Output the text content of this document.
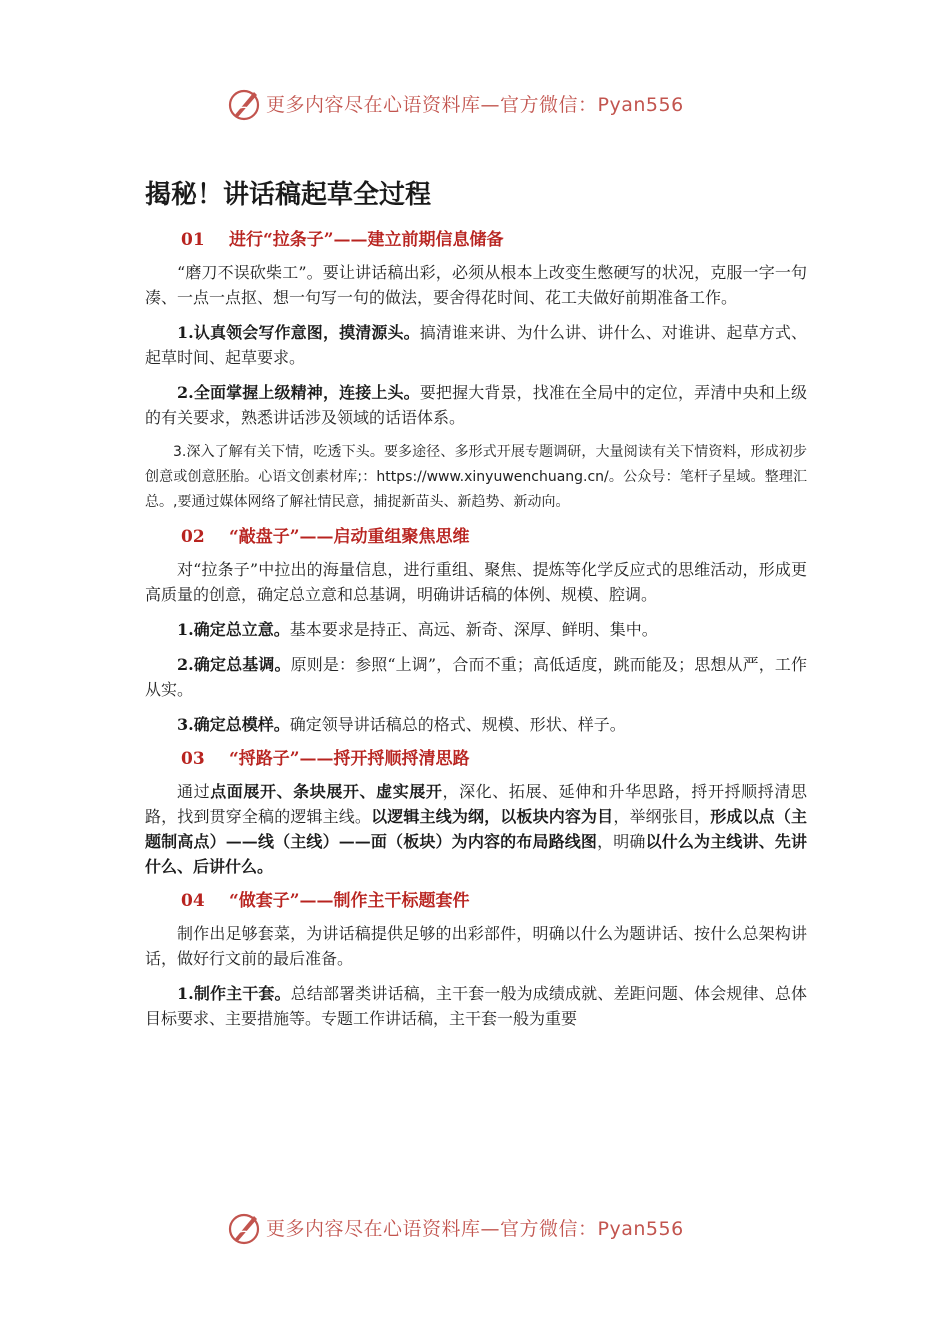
更多内容尽在心语资料库—官方微信：Pyan556
揭秘！讲话稿起草全过程
01 进行“拉条子”——建立前期信息储备

“磨刀不误砍柴工”。要让讲话稿出彩，必须从根本上改变生憋硬写的状况，克服一字一句凑、一点一点抠、想一句写一句的做法，要舍得花时间、花工夫做好前期准备工作。

1.认真领会写作意图，摸清源头。搞清谁来讲、为什么讲、讲什么、对谁讲、起草方式、起草时间、起草要求。

2.全面掌握上级精神，连接上头。要把握大背景，找准在全局中的定位，弄清中央和上级的有关要求，熟悉讲话涉及领域的话语体系。

3.深入了解有关下情，吃透下头。要多途径、多形式开展专题调研，大量阅读有关下情资料，形成初步创意或创意胚胎。心语文创素材库;：https://www.xinyuwenchuang.cn/。公众号：笔杆子星域。整理汇总。,要通过媒体网络了解社情民意，捕捉新苗头、新趋势、新动向。

02 “敲盘子”——启动重组聚焦思维

对“拉条子”中拉出的海量信息，进行重组、聚焦、提炼等化学反应式的思维活动，形成更高质量的创意，确定总立意和总基调，明确讲话稿的体例、规模、腔调。

1.确定总立意。基本要求是持正、高远、新奇、深厚、鲜明、集中。

2.确定总基调。原则是：参照“上调”，合而不重；高低适度，跳而能及；思想从严，工作从实。

3.确定总模样。确定领导讲话稿总的格式、规模、形状、样子。

03 “捋路子”——捋开捋顺捋清思路

通过点面展开、条块展开、虚实展开，深化、拓展、延伸和升华思路，捋开捋顺捋清思路，找到贯穿全稿的逻辑主线。以逻辑主线为纲，以板块内容为目，举纲张目，形成以点（主题制高点）——线（主线）——面（板块）为内容的布局路线图，明确以什么为主线讲、先讲什么、后讲什么。

04 “做套子”——制作主干标题套件

制作出足够套菜，为讲话稿提供足够的出彩部件，明确以什么为题讲话、按什么总架构讲话，做好行文前的最后准备。

1.制作主干套。总结部署类讲话稿，主干套一般为成绩成就、差距问题、体会规律、总体目标要求、主要措施等。专题工作讲话稿，主干套一般为重要

更多内容尽在心语资料库—官方微信：Pyan556
